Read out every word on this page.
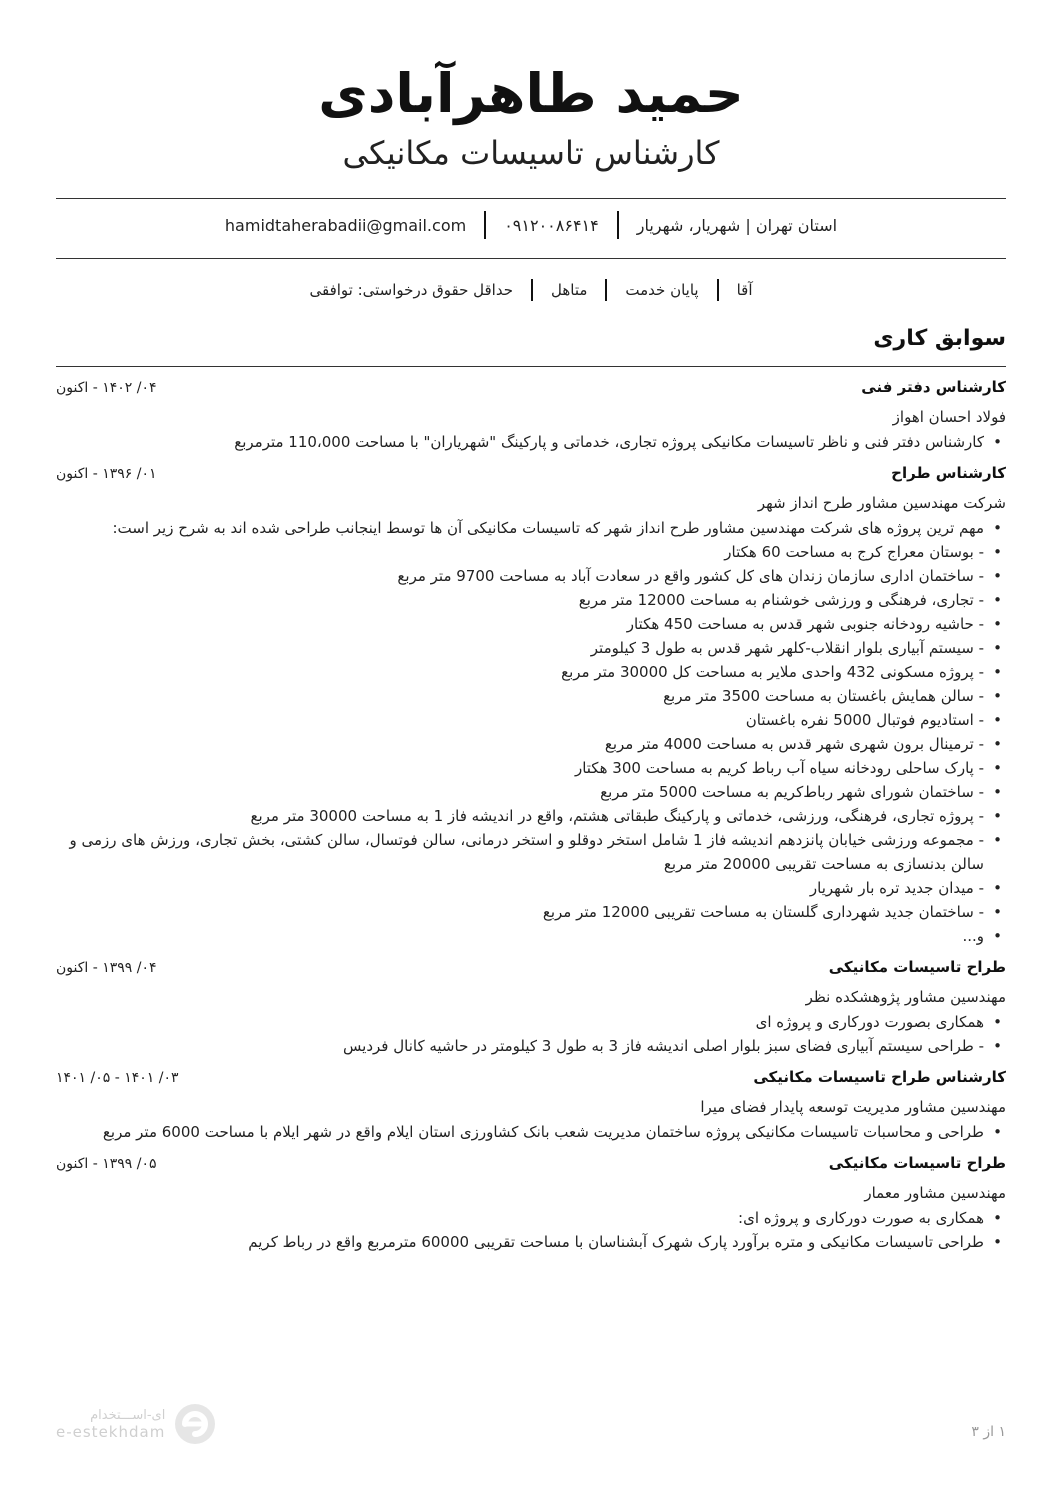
حمید طاهرآبادی
کارشناس تاسیسات مکانیکی
استان تهران | شهریار، شهریار
۰۹۱۲۰۰۸۶۴۱۴
hamidtaherabadii@gmail.com
آقا
پایان خدمت
متاهل
حداقل حقوق درخواستی: توافقی
سوابق کاری
کارشناس دفتر فنی
۰۴/ ۱۴۰۲ - اکنون
فولاد احسان اهواز
• کارشناس دفتر فنی و ناظر تاسیسات مکانیکی پروژه تجاری، خدماتی و پارکینگ "شهریاران" با مساحت 110،000 مترمربع
کارشناس طراح
۰۱/ ۱۳۹۶ - اکنون
شرکت مهندسین مشاور طرح انداز شهر
• مهم ترین پروژه های شرکت مهندسین مشاور طرح انداز شهر که تاسیسات مکانیکی آن ها توسط اینجانب طراحی شده اند به شرح زیر است:
• - بوستان معراج کرج به مساحت 60 هکتار
• - ساختمان اداری سازمان زندان های کل کشور واقع در سعادت آباد به مساحت 9700 متر مربع
• - تجاری، فرهنگی و ورزشی خوشنام به مساحت 12000 متر مربع
• - حاشیه رودخانه جنوبی شهر قدس به مساحت 450 هکتار
• - سیستم آبیاری بلوار انقلاب-کلهر شهر قدس به طول 3 کیلومتر
• - پروژه مسکونی 432 واحدی ملایر به مساحت کل 30000 متر مربع
• - سالن همایش باغستان به مساحت 3500 متر مربع
• - استادیوم فوتبال 5000 نفره باغستان
• - ترمینال برون شهری شهر قدس به مساحت 4000 متر مربع
• - پارک ساحلی رودخانه سیاه آب رباط کریم به مساحت 300 هکتار
• - ساختمان شورای شهر رباط‌کریم به مساحت 5000 متر مربع
• - پروژه تجاری، فرهنگی، ورزشی، خدماتی و پارکینگ طبقاتی هشتم، واقع در اندیشه فاز 1 به مساحت 30000 متر مربع
• - مجموعه ورزشی خیابان پانزدهم اندیشه فاز 1 شامل استخر دوقلو و استخر درمانی، سالن فوتسال، سالن کشتی، بخش تجاری، ورزش های رزمی و سالن بدنسازی به مساحت تقریبی 20000 متر مربع
• - میدان جدید تره بار شهریار
• - ساختمان جدید شهرداری گلستان به مساحت تقریبی 12000 متر مربع
• و...
طراح تاسیسات مکانیکی
۰۴/ ۱۳۹۹ - اکنون
مهندسین مشاور پژوهشکده نظر
• همکاری بصورت دورکاری و پروژه ای
• - طراحی سیستم آبیاری فضای سبز بلوار اصلی اندیشه فاز 3 به طول 3 کیلومتر در حاشیه کانال فردیس
کارشناس طراح تاسیسات مکانیکی
۰۳/ ۱۴۰۱ - ۰۵/ ۱۴۰۱
مهندسین مشاور مدیریت توسعه پایدار فضای میرا
• طراحی و محاسبات تاسیسات مکانیکی پروژه ساختمان مدیریت شعب بانک کشاورزی استان ایلام واقع در شهر ایلام با مساحت 6000 متر مربع
طراح تاسیسات مکانیکی
۰۵/ ۱۳۹۹ - اکنون
مهندسین مشاور معمار
• همکاری به صورت دورکاری و پروژه ای:
• طراحی تاسیسات مکانیکی و متره برآورد پارک شهرک آبشناسان با مساحت تقریبی 60000 مترمربع واقع در رباط کریم
۱ از ۳
ای-اســـتخدام
e-estekhdam
